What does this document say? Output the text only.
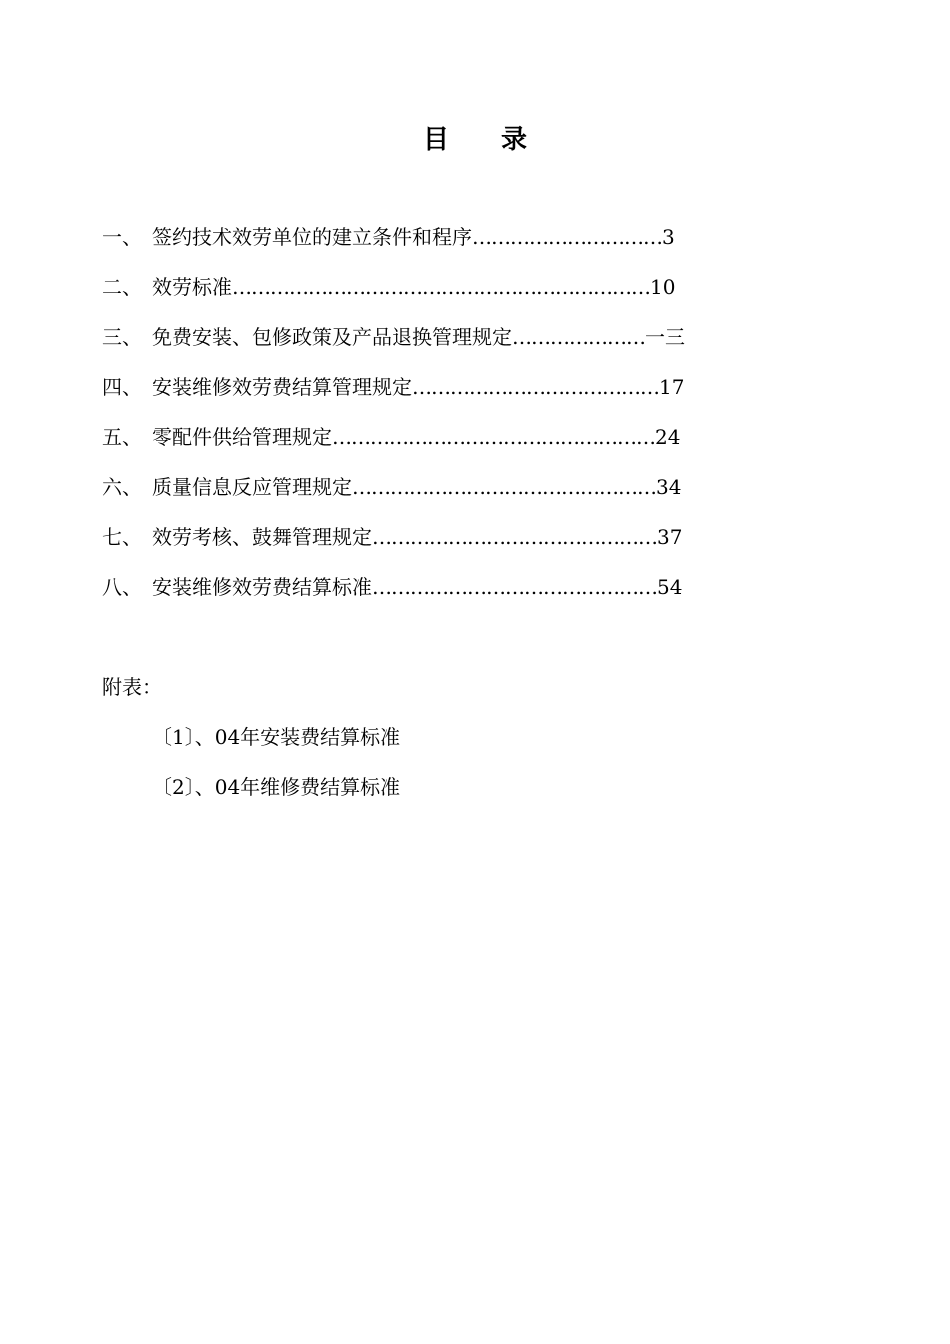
目录
一、 签约技术效劳单位的建立条件和程序…………………………3
二、 效劳标准…………………………………………………………10
三、 免费安装、包修政策及产品退换管理规定…………………一三
四、 安装维修效劳费结算管理规定…………………………………17
五、 零配件供给管理规定……………………………………………24
六、 质量信息反应管理规定…………………………………………34
七、 效劳考核、鼓舞管理规定………………………………………37
八、 安装维修效劳费结算标准………………………………………54
附表：
〔1〕、04年安装费结算标准
〔2〕、04年维修费结算标准
